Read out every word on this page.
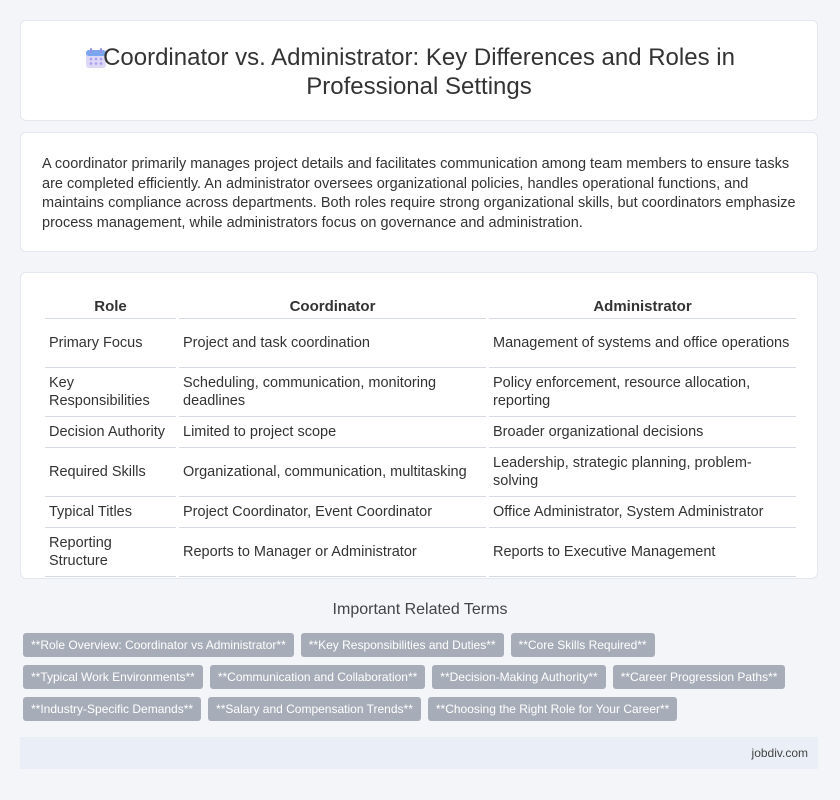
Coordinator vs. Administrator: Key Differences and Roles in
Professional Settings
A coordinator primarily manages project details and facilitates communication among team members to ensure tasks are completed efficiently. An administrator oversees organizational policies, handles operational functions, and maintains compliance across departments. Both roles require strong organizational skills, but coordinators emphasize process management, while administrators focus on governance and administration.
Role	Coordinator	Administrator
Primary Focus	Project and task coordination	Management of systems and office operations
Key Responsibilities	Scheduling, communication, monitoring deadlines	Policy enforcement, resource allocation, reporting
Decision Authority	Limited to project scope	Broader organizational decisions
Required Skills	Organizational, communication, multitasking	Leadership, strategic planning, problem-solving
Typical Titles	Project Coordinator, Event Coordinator	Office Administrator, System Administrator
Reporting Structure	Reports to Manager or Administrator	Reports to Executive Management
Important Related Terms
**Role Overview: Coordinator vs Administrator**	**Key Responsibilities and Duties**	**Core Skills Required**
**Typical Work Environments**	**Communication and Collaboration**	**Decision-Making Authority**	**Career Progression Paths**
**Industry-Specific Demands**	**Salary and Compensation Trends**	**Choosing the Right Role for Your Career**
jobdiv.com
